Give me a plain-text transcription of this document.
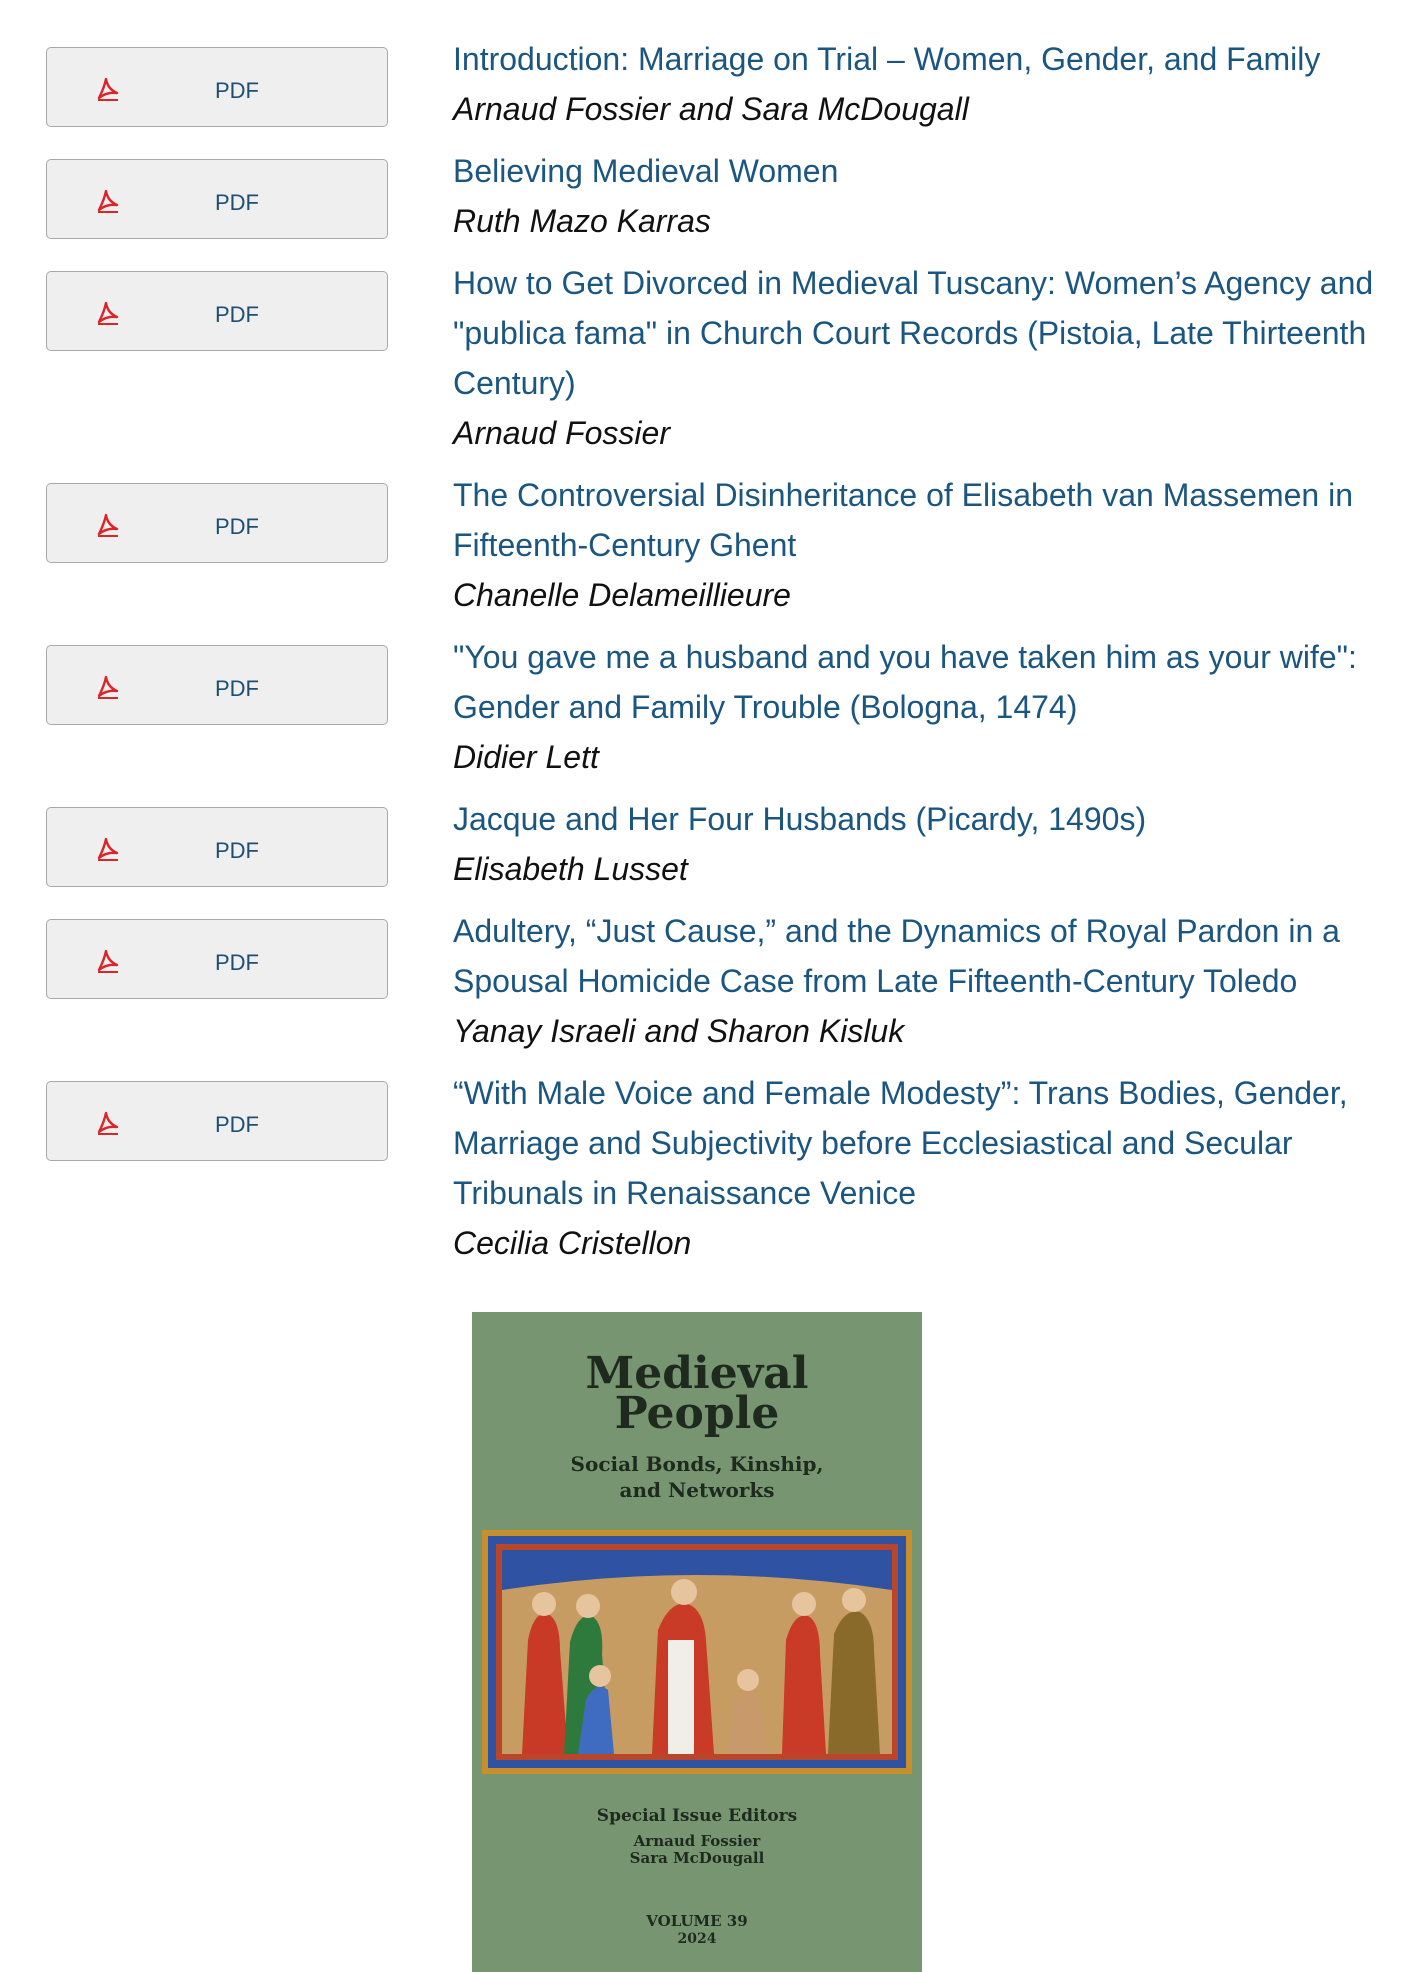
PDF
Introduction: Marriage on Trial – Women, Gender, and Family
Arnaud Fossier and Sara McDougall
PDF
Believing Medieval Women
Ruth Mazo Karras
PDF
How to Get Divorced in Medieval Tuscany: Women’s Agency and "publica fama" in Church Court Records (Pistoia, Late Thirteenth Century)
Arnaud Fossier
PDF
The Controversial Disinheritance of Elisabeth van Massemen in Fifteenth-Century Ghent
Chanelle Delameillieure
PDF
"You gave me a husband and you have taken him as your wife": Gender and Family Trouble (Bologna, 1474)
Didier Lett
PDF
Jacque and Her Four Husbands (Picardy, 1490s)
Elisabeth Lusset
PDF
Adultery, “Just Cause,” and the Dynamics of Royal Pardon in a Spousal Homicide Case from Late Fifteenth-Century Toledo
Yanay Israeli and Sharon Kisluk
PDF
“With Male Voice and Female Modesty”: Trans Bodies, Gender, Marriage and Subjectivity before Ecclesiastical and Secular Tribunals in Renaissance Venice
Cecilia Cristellon
Medieval
People
Social Bonds, Kinship,
and Networks
Special Issue Editors
Arnaud Fossier
Sara McDougall
VOLUME 39
2024
